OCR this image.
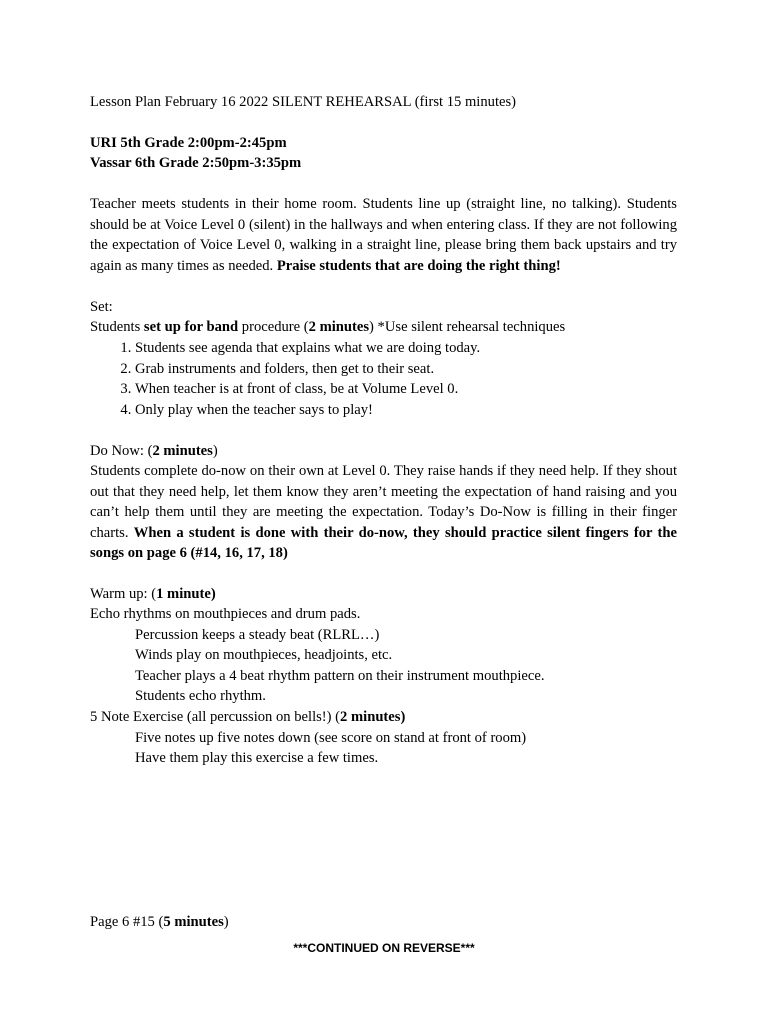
Lesson Plan February 16 2022 SILENT REHEARSAL (first 15 minutes)

URI 5th Grade 2:00pm-2:45pm

Vassar 6th Grade 2:50pm-3:35pm

Teacher meets students in their home room. Students line up (straight line, no talking). Students should be at Voice Level 0 (silent) in the hallways and when entering class. If they are not following the expectation of Voice Level 0, walking in a straight line, please bring them back upstairs and try again as many times as needed. Praise students that are doing the right thing!

Set:

Students set up for band procedure (2 minutes) *Use silent rehearsal techniques

1. Students see agenda that explains what we are doing today.
2. Grab instruments and folders, then get to their seat.
3. When teacher is at front of class, be at Volume Level 0.
4. Only play when the teacher says to play!

Do Now: (2 minutes)

Students complete do-now on their own at Level 0. They raise hands if they need help. If they shout out that they need help, let them know they aren’t meeting the expectation of hand raising and you can’t help them until they are meeting the expectation. Today’s Do-Now is filling in their finger charts. When a student is done with their do-now, they should practice silent fingers for the songs on page 6 (#14, 16, 17, 18)

Warm up: (1 minute)

Echo rhythms on mouthpieces and drum pads.

Percussion keeps a steady beat (RLRL…)

Winds play on mouthpieces, headjoints, etc.

Teacher plays a 4 beat rhythm pattern on their instrument mouthpiece.

Students echo rhythm.

5 Note Exercise (all percussion on bells!) (2 minutes)

Five notes up five notes down (see score on stand at front of room)

Have them play this exercise a few times.

Page 6 #15 (5 minutes)

***CONTINUED ON REVERSE***
